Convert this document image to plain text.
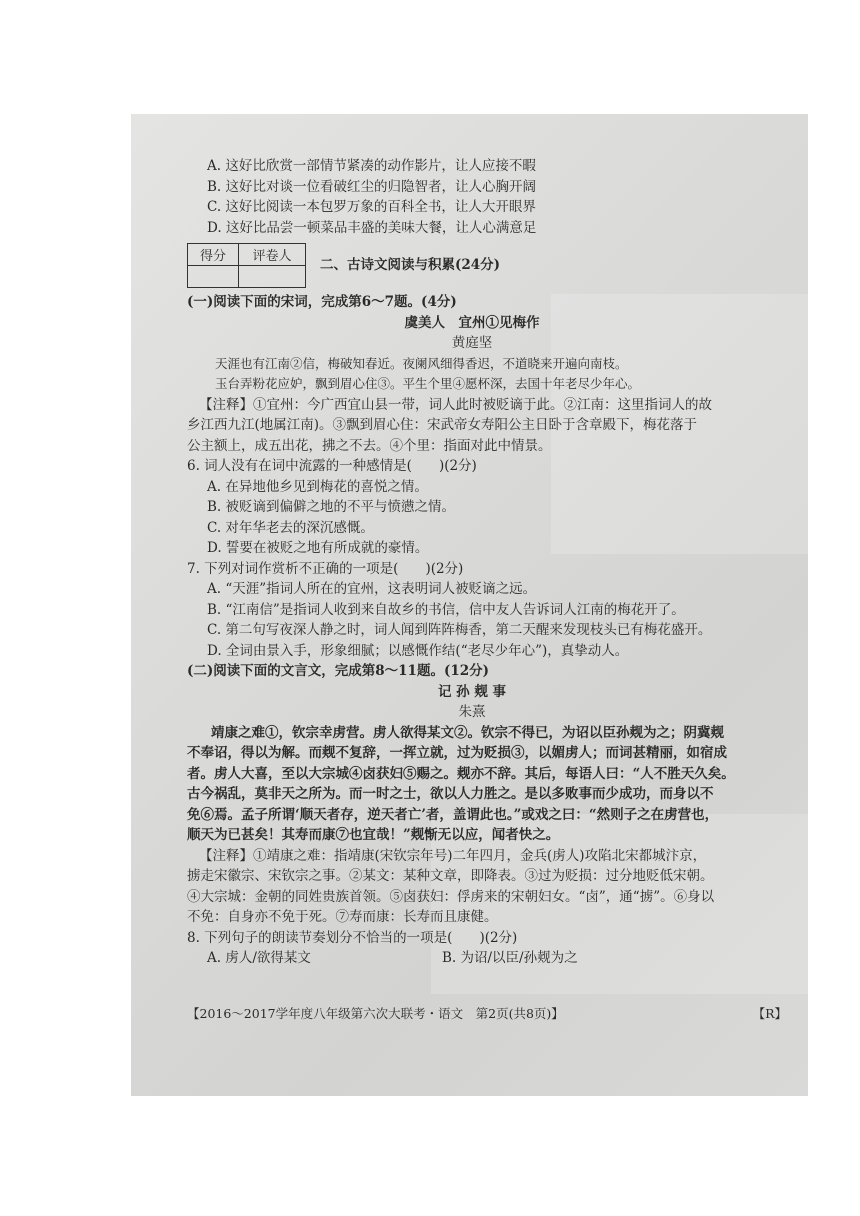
A. 这好比欣赏一部情节紧凑的动作影片，让人应接不暇
B. 这好比对谈一位看破红尘的归隐智者，让人心胸开阔
C. 这好比阅读一本包罗万象的百科全书，让人大开眼界
D. 这好比品尝一顿菜品丰盛的美味大餐，让人心满意足
得分	评卷人

二、古诗文阅读与积累(24分)
(一)阅读下面的宋词，完成第6～7题。(4分)
虞美人　宜州①见梅作
黄庭坚
天涯也有江南②信，梅破知春近。夜阑风细得香迟，不道晓来开遍向南枝。
玉台弄粉花应妒，飘到眉心住③。平生个里④愿杯深，去国十年老尽少年心。
【注释】①宜州：今广西宜山县一带，词人此时被贬谪于此。②江南：这里指词人的故
乡江西九江(地属江南)。③飘到眉心住：宋武帝女寿阳公主日卧于含章殿下，梅花落于
公主额上，成五出花，拂之不去。④个里：指面对此中情景。
6. 词人没有在词中流露的一种感情是(　　)(2分)
A. 在异地他乡见到梅花的喜悦之情。
B. 被贬谪到偏僻之地的不平与愤懑之情。
C. 对年华老去的深沉感慨。
D. 誓要在被贬之地有所成就的豪情。
7. 下列对词作赏析不正确的一项是(　　)(2分)
A. “天涯”指词人所在的宜州，这表明词人被贬谪之远。
B. “江南信”是指词人收到来自故乡的书信，信中友人告诉词人江南的梅花开了。
C. 第二句写夜深人静之时，词人闻到阵阵梅香，第二天醒来发现枝头已有梅花盛开。
D. 全词由景入手，形象细腻；以感慨作结(“老尽少年心”)，真挚动人。
(二)阅读下面的文言文，完成第8～11题。(12分)
记 孙 觌 事
朱熹
靖康之难①，钦宗幸虏营。虏人欲得某文②。钦宗不得已，为诏以臣孙觌为之；阴冀觌
不奉诏，得以为解。而觌不复辞，一挥立就，过为贬损③，以媚虏人；而词甚精丽，如宿成
者。虏人大喜，至以大宗城④卤获妇⑤赐之。觌亦不辞。其后，每语人曰：“人不胜天久矣。
古今祸乱，莫非天之所为。而一时之士，欲以人力胜之。是以多败事而少成功，而身以不
免⑥焉。孟子所谓‘顺天者存，逆天者亡’者，盖谓此也。”或戏之曰：“然则子之在虏营也，
顺天为已甚矣！其寿而康⑦也宜哉！”觌惭无以应，闻者快之。
【注释】①靖康之难：指靖康(宋钦宗年号)二年四月，金兵(虏人)攻陷北宋都城汴京，
掳走宋徽宗、宋钦宗之事。②某文：某种文章，即降表。③过为贬损：过分地贬低宋朝。
④大宗城：金朝的同姓贵族首领。⑤卤获妇：俘虏来的宋朝妇女。“卤”，通“掳”。⑥身以
不免：自身亦不免于死。⑦寿而康：长寿而且康健。
8. 下列句子的朗读节奏划分不恰当的一项是(　　)(2分)
A. 虏人/欲得某文	B. 为诏/以臣/孙觌为之
【2016～2017学年度八年级第六次大联考・语文　第2页(共8页)】	【R】
